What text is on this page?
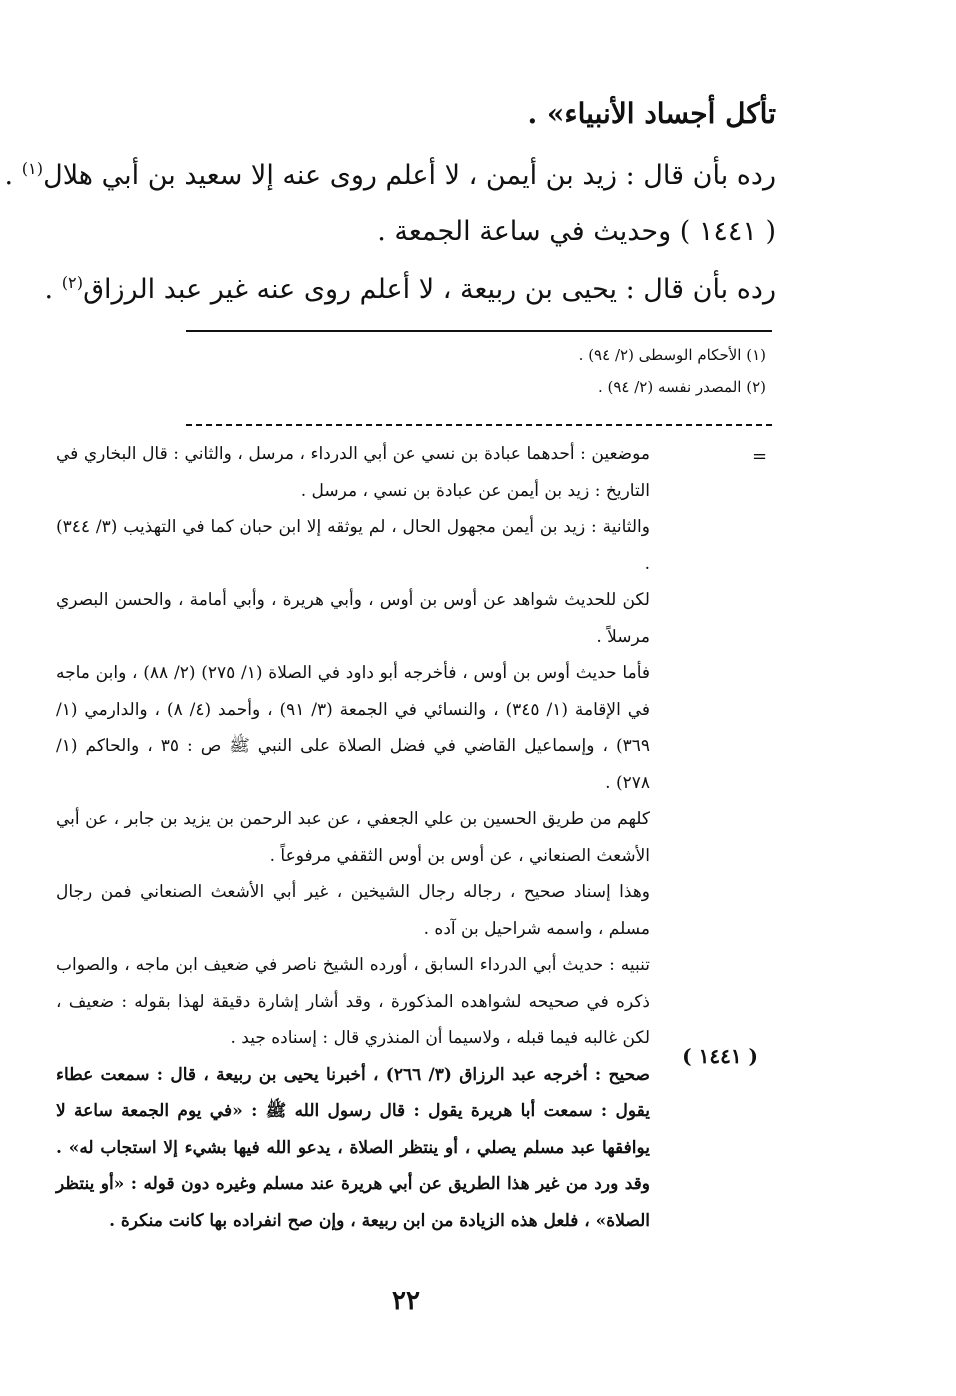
تأكل أجساد الأنبياء» .
رده بأن قال : زيد بن أيمن ، لا أعلم روى عنه إلا سعيد بن أبي هلال$^{(١)}$ .
( ١٤٤١ ) وحديث في ساعة الجمعة .
رده بأن قال : يحيى بن ربيعة ، لا أعلم روى عنه غير عبد الرزاق$^{(٢)}$ .
(١) الأحكام الوسطى (٢/ ٩٤) .
(٢) المصدر نفسه (٢/ ٩٤) .
=

موضعين : أحدهما عبادة بن نسي عن أبي الدرداء ، مرسل ، والثاني : قال البخاري في التاريخ : زيد بن أيمن عن عبادة بن نسي ، مرسل .

والثانية : زيد بن أيمن مجهول الحال ، لم يوثقه إلا ابن حبان كما في التهذيب (٣/ ٣٤٤) .

لكن للحديث شواهد عن أوس بن أوس ، وأبي هريرة ، وأبي أمامة ، والحسن البصري مرسلاً .

فأما حديث أوس بن أوس ، فأخرجه أبو داود في الصلاة (١/ ٢٧٥) (٢/ ٨٨) ، وابن ماجه في الإقامة (١/ ٣٤٥) ، والنسائي في الجمعة (٣/ ٩١) ، وأحمد (٤/ ٨) ، والدارمي (١/ ٣٦٩) ، وإسماعيل القاضي في فضل الصلاة على النبي ﷺ ص : ٣٥ ، والحاكم (١/ ٢٧٨) .

كلهم من طريق الحسين بن علي الجعفي ، عن عبد الرحمن بن يزيد بن جابر ، عن أبي الأشعث الصنعاني ، عن أوس بن أوس الثقفي مرفوعاً .

وهذا إسناد صحيح ، رجاله رجال الشيخين ، غير أبي الأشعث الصنعاني فمن رجال مسلم ، واسمه شراحيل بن آده .

تنبيه : حديث أبي الدرداء السابق ، أورده الشيخ ناصر في ضعيف ابن ماجه ، والصواب ذكره في صحيحه لشواهده المذكورة ، وقد أشار إشارة دقيقة لهذا بقوله : ضعيف ، لكن غالبه فيما قبله ، ولاسيما أن المنذري قال : إسناده جيد .

صحيح : أخرجه عبد الرزاق (٣/ ٢٦٦) ، أخبرنا يحيى بن ربيعة ، قال : سمعت عطاء يقول : سمعت أبا هريرة يقول : قال رسول الله ﷺ : «في يوم الجمعة ساعة لا يوافقها عبد مسلم يصلي ، أو ينتظر الصلاة ، يدعو الله فيها بشيء إلا استجاب له» . وقد ورد من غير هذا الطريق عن أبي هريرة عند مسلم وغيره دون قوله : «أو ينتظر الصلاة» ، فلعل هذه الزيادة من ابن ربيعة ، وإن صح انفراده بها كانت منكرة .

( ١٤٤١ )
٢٢
